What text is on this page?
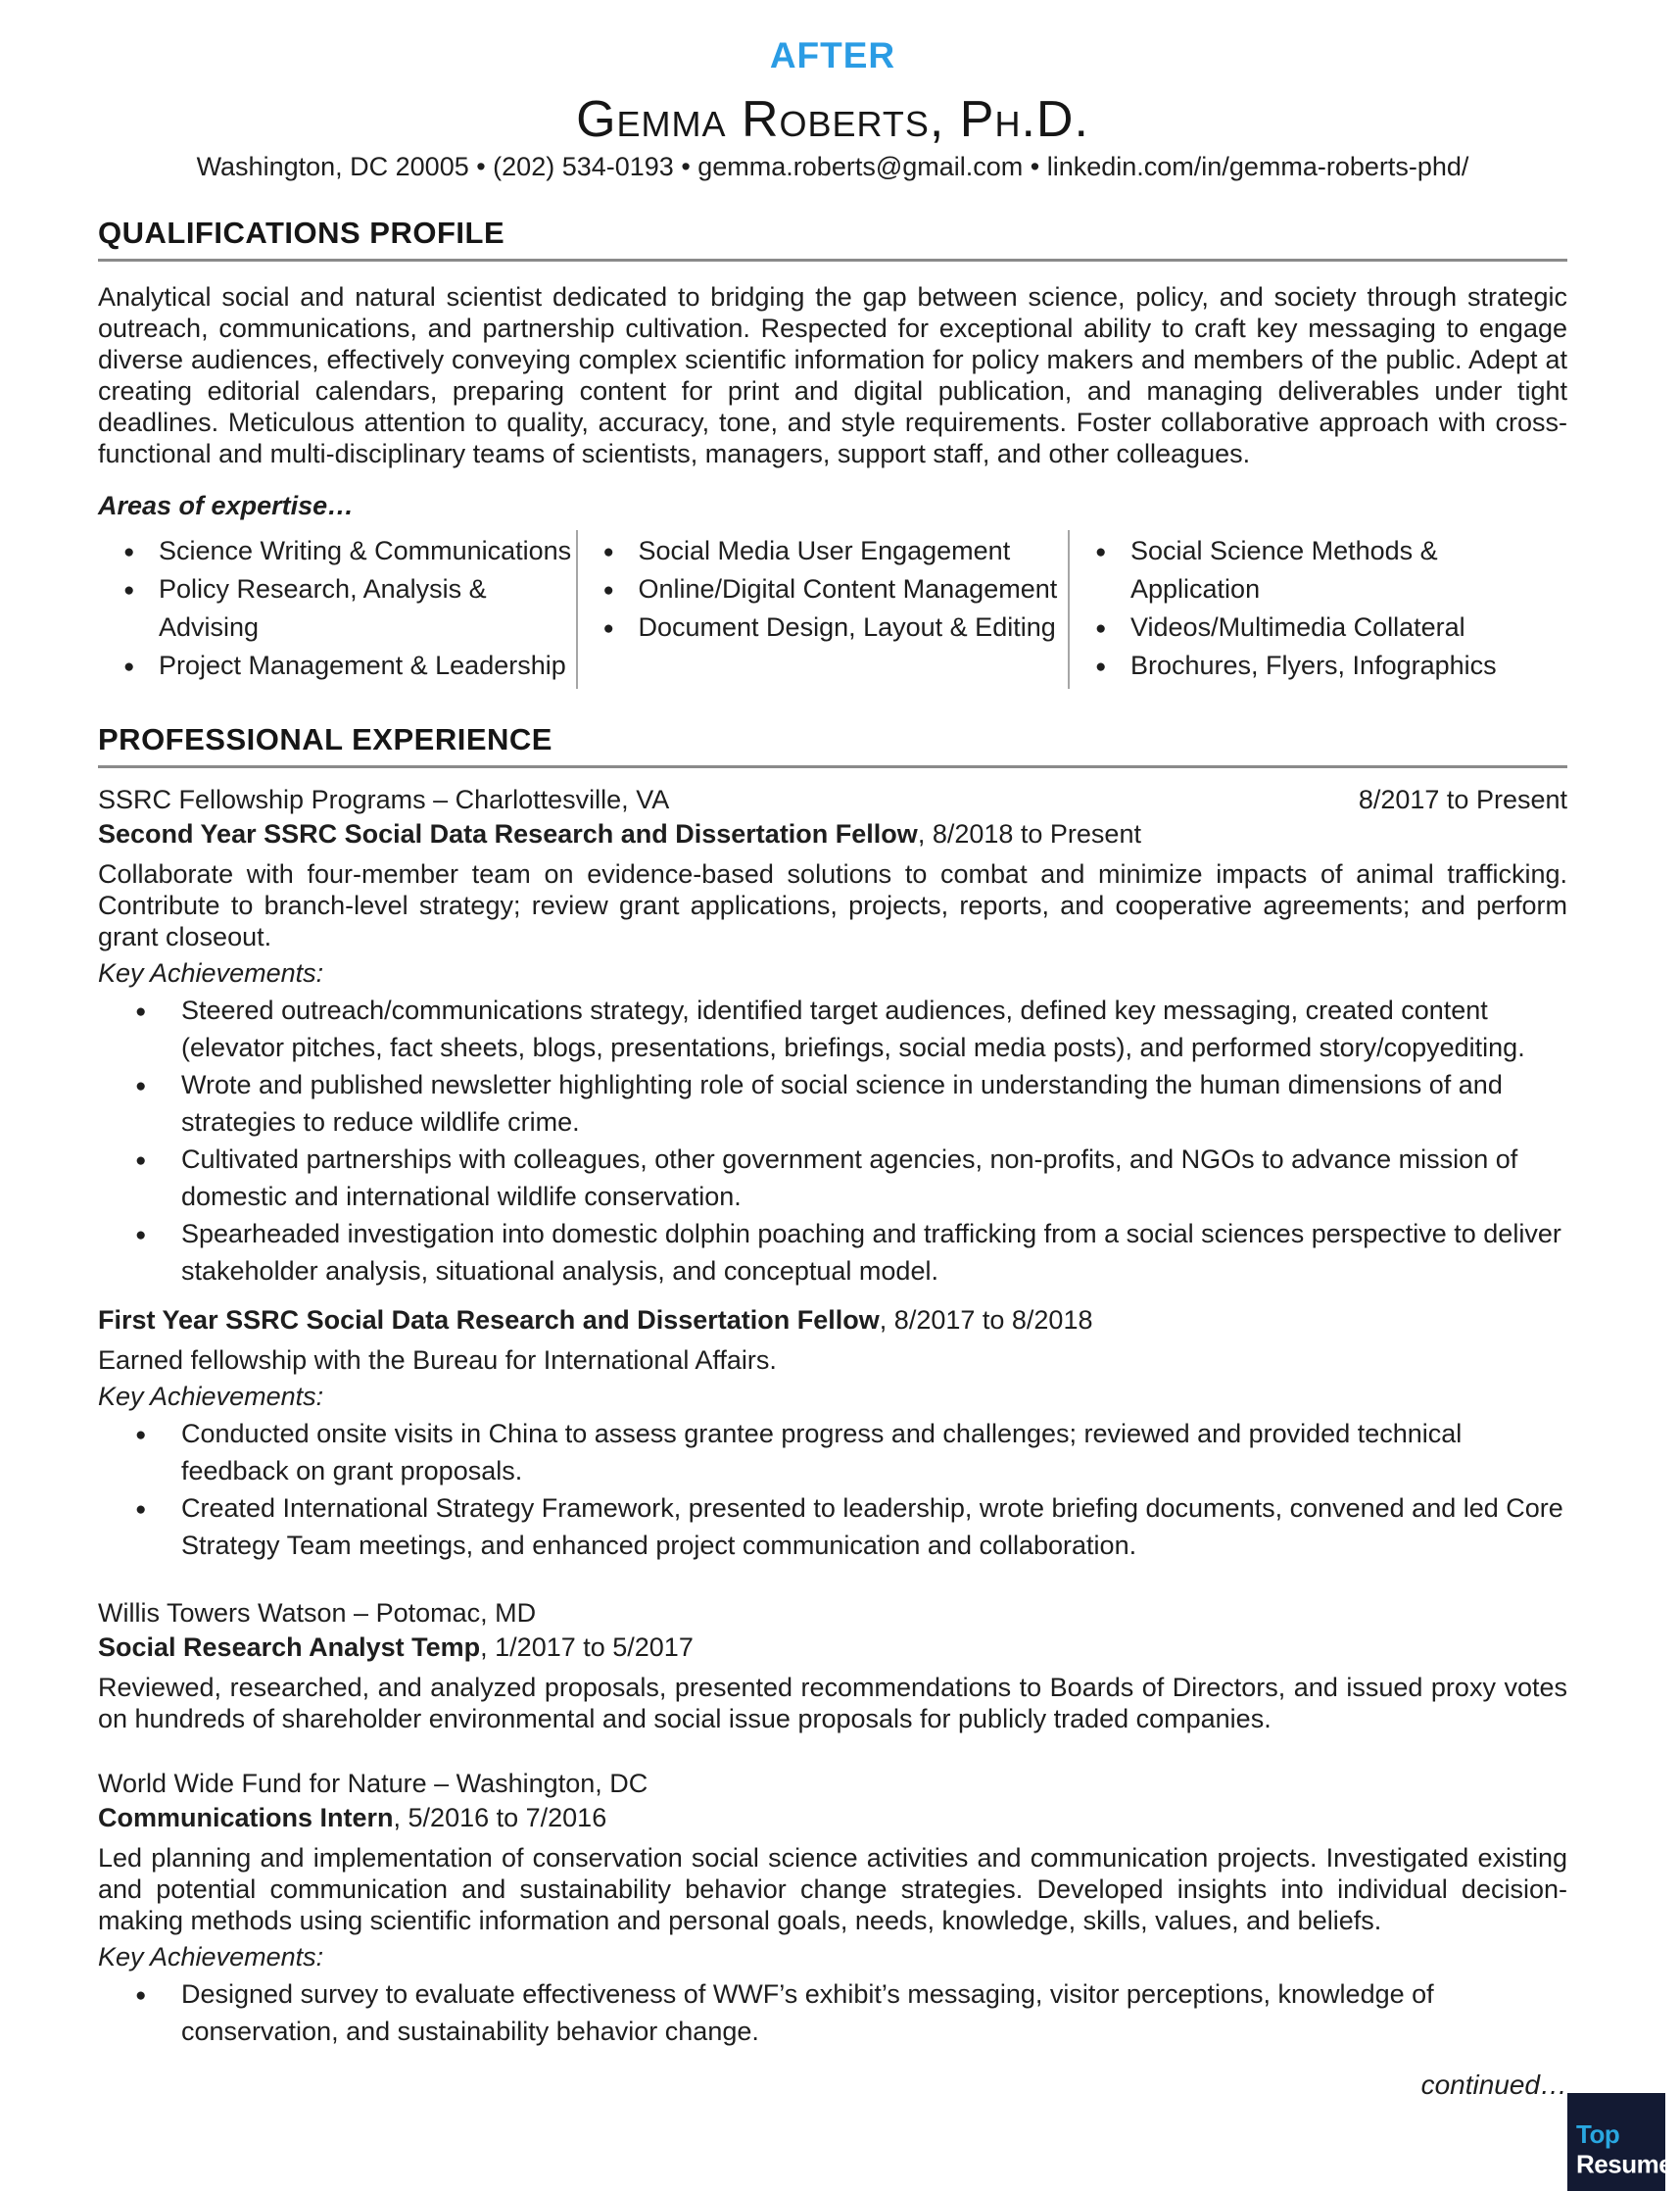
AFTER
Gemma Roberts, Ph.D.
Washington, DC 20005 • (202) 534-0193 • gemma.roberts@gmail.com • linkedin.com/in/gemma-roberts-phd/
QUALIFICATIONS PROFILE
Analytical social and natural scientist dedicated to bridging the gap between science, policy, and society through strategic outreach, communications, and partnership cultivation. Respected for exceptional ability to craft key messaging to engage diverse audiences, effectively conveying complex scientific information for policy makers and members of the public. Adept at creating editorial calendars, preparing content for print and digital publication, and managing deliverables under tight deadlines. Meticulous attention to quality, accuracy, tone, and style requirements. Foster collaborative approach with cross-functional and multi-disciplinary teams of scientists, managers, support staff, and other colleagues.
Areas of expertise…
● Science Writing & Communications
● Policy Research, Analysis & Advising
● Project Management & Leadership
● Social Media User Engagement
● Online/Digital Content Management
● Document Design, Layout & Editing
● Social Science Methods & Application
● Videos/Multimedia Collateral
● Brochures, Flyers, Infographics
PROFESSIONAL EXPERIENCE
SSRC Fellowship Programs – Charlottesville, VA	8/2017 to Present
Second Year SSRC Social Data Research and Dissertation Fellow, 8/2018 to Present
Collaborate with four-member team on evidence-based solutions to combat and minimize impacts of animal trafficking. Contribute to branch-level strategy; review grant applications, projects, reports, and cooperative agreements; and perform grant closeout.
Key Achievements:
● Steered outreach/communications strategy, identified target audiences, defined key messaging, created content (elevator pitches, fact sheets, blogs, presentations, briefings, social media posts), and performed story/copyediting.
● Wrote and published newsletter highlighting role of social science in understanding the human dimensions of and strategies to reduce wildlife crime.
● Cultivated partnerships with colleagues, other government agencies, non-profits, and NGOs to advance mission of domestic and international wildlife conservation.
● Spearheaded investigation into domestic dolphin poaching and trafficking from a social sciences perspective to deliver stakeholder analysis, situational analysis, and conceptual model.
First Year SSRC Social Data Research and Dissertation Fellow, 8/2017 to 8/2018
Earned fellowship with the Bureau for International Affairs.
Key Achievements:
● Conducted onsite visits in China to assess grantee progress and challenges; reviewed and provided technical feedback on grant proposals.
● Created International Strategy Framework, presented to leadership, wrote briefing documents, convened and led Core Strategy Team meetings, and enhanced project communication and collaboration.
Willis Towers Watson – Potomac, MD
Social Research Analyst Temp, 1/2017 to 5/2017
Reviewed, researched, and analyzed proposals, presented recommendations to Boards of Directors, and issued proxy votes on hundreds of shareholder environmental and social issue proposals for publicly traded companies.
World Wide Fund for Nature – Washington, DC
Communications Intern, 5/2016 to 7/2016
Led planning and implementation of conservation social science activities and communication projects. Investigated existing and potential communication and sustainability behavior change strategies. Developed insights into individual decision-making methods using scientific information and personal goals, needs, knowledge, skills, values, and beliefs.
Key Achievements:
● Designed survey to evaluate effectiveness of WWF’s exhibit’s messaging, visitor perceptions, knowledge of conservation, and sustainability behavior change.
continued…
Top
Resume®
